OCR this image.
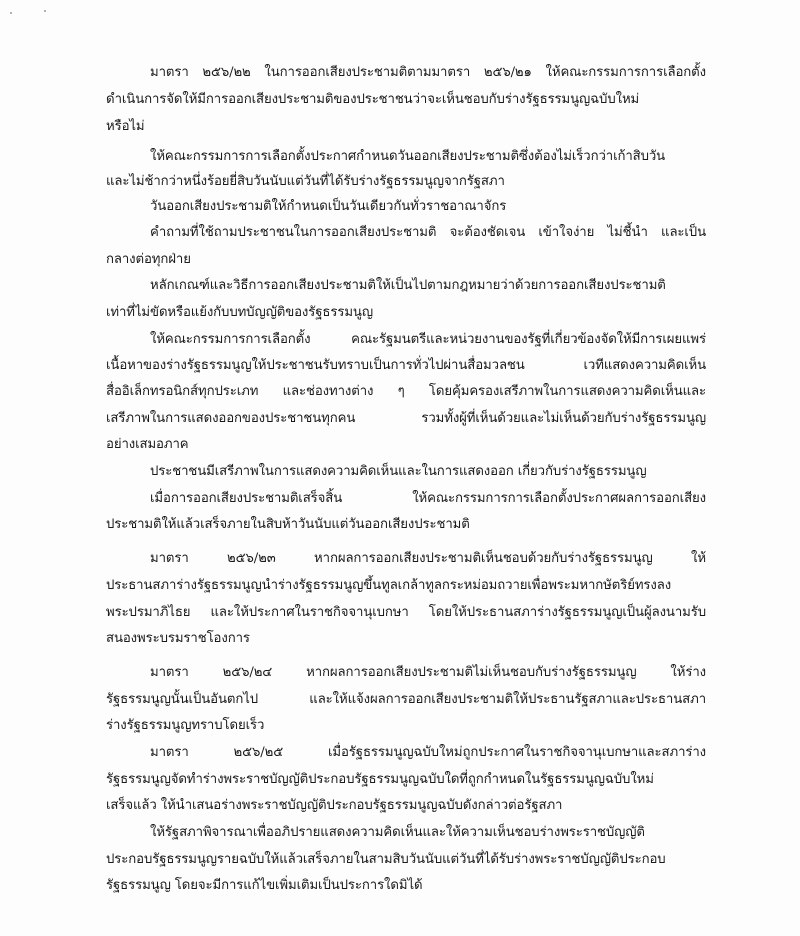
มาตรา ๒๕๖/๒๒ ในการออกเสียงประชามติตามมาตรา ๒๕๖/๒๑ ให้คณะกรรมการการเลือกตั้ง
ดำเนินการจัดให้มีการออกเสียงประชามติของประชาชนว่าจะเห็นชอบกับร่างรัฐธรรมนูญฉบับใหม่
หรือไม่
ให้คณะกรรมการการเลือกตั้งประกาศกำหนดวันออกเสียงประชามติซึ่งต้องไม่เร็วกว่าเก้าสิบวัน
และไม่ช้ากว่าหนึ่งร้อยยี่สิบวันนับแต่วันที่ได้รับร่างรัฐธรรมนูญจากรัฐสภา
วันออกเสียงประชามติให้กำหนดเป็นวันเดียวกันทั่วราชอาณาจักร
คำถามที่ใช้ถามประชาชนในการออกเสียงประชามติ จะต้องชัดเจน เข้าใจง่าย ไม่ชี้นำ และเป็น
กลางต่อทุกฝ่าย
หลักเกณฑ์และวิธีการออกเสียงประชามติให้เป็นไปตามกฎหมายว่าด้วยการออกเสียงประชามติ
เท่าที่ไม่ขัดหรือแย้งกับบทบัญญัติของรัฐธรรมนูญ
ให้คณะกรรมการการเลือกตั้ง คณะรัฐมนตรีและหน่วยงานของรัฐที่เกี่ยวข้องจัดให้มีการเผยแพร่
เนื้อหาของร่างรัฐธรรมนูญให้ประชาชนรับทราบเป็นการทั่วไปผ่านสื่อมวลชน เวทีแสดงความคิดเห็น
สื่ออิเล็กทรอนิกส์ทุกประเภท และช่องทางต่าง ๆ โดยคุ้มครองเสรีภาพในการแสดงความคิดเห็นและ
เสรีภาพในการแสดงออกของประชาชนทุกคน รวมทั้งผู้ที่เห็นด้วยและไม่เห็นด้วยกับร่างรัฐธรรมนูญ
อย่างเสมอภาค
ประชาชนมีเสรีภาพในการแสดงความคิดเห็นและในการแสดงออก เกี่ยวกับร่างรัฐธรรมนูญ
เมื่อการออกเสียงประชามติเสร็จสิ้น ให้คณะกรรมการการเลือกตั้งประกาศผลการออกเสียง
ประชามติให้แล้วเสร็จภายในสิบห้าวันนับแต่วันออกเสียงประชามติ
มาตรา ๒๕๖/๒๓ หากผลการออกเสียงประชามติเห็นชอบด้วยกับร่างรัฐธรรมนูญ ให้
ประธานสภาร่างรัฐธรรมนูญนำร่างรัฐธรรมนูญขึ้นทูลเกล้าทูลกระหม่อมถวายเพื่อพระมหากษัตริย์ทรงลง
พระปรมาภิไธย และให้ประกาศในราชกิจจานุเบกษา โดยให้ประธานสภาร่างรัฐธรรมนูญเป็นผู้ลงนามรับ
สนองพระบรมราชโองการ
มาตรา ๒๕๖/๒๔ หากผลการออกเสียงประชามติไม่เห็นชอบกับร่างรัฐธรรมนูญ ให้ร่าง
รัฐธรรมนูญนั้นเป็นอันตกไป และให้แจ้งผลการออกเสียงประชามติให้ประธานรัฐสภาและประธานสภา
ร่างรัฐธรรมนูญทราบโดยเร็ว
มาตรา ๒๕๖/๒๕ เมื่อรัฐธรรมนูญฉบับใหม่ถูกประกาศในราชกิจจานุเบกษาและสภาร่าง
รัฐธรรมนูญจัดทำร่างพระราชบัญญัติประกอบรัฐธรรมนูญฉบับใดที่ถูกกำหนดในรัฐธรรมนูญฉบับใหม่
เสร็จแล้ว ให้นำเสนอร่างพระราชบัญญัติประกอบรัฐธรรมนูญฉบับดังกล่าวต่อรัฐสภา
ให้รัฐสภาพิจารณาเพื่ออภิปรายแสดงความคิดเห็นและให้ความเห็นชอบร่างพระราชบัญญัติ
ประกอบรัฐธรรมนูญรายฉบับให้แล้วเสร็จภายในสามสิบวันนับแต่วันที่ได้รับร่างพระราชบัญญัติประกอบ
รัฐธรรมนูญ โดยจะมีการแก้ไขเพิ่มเติมเป็นประการใดมิได้
